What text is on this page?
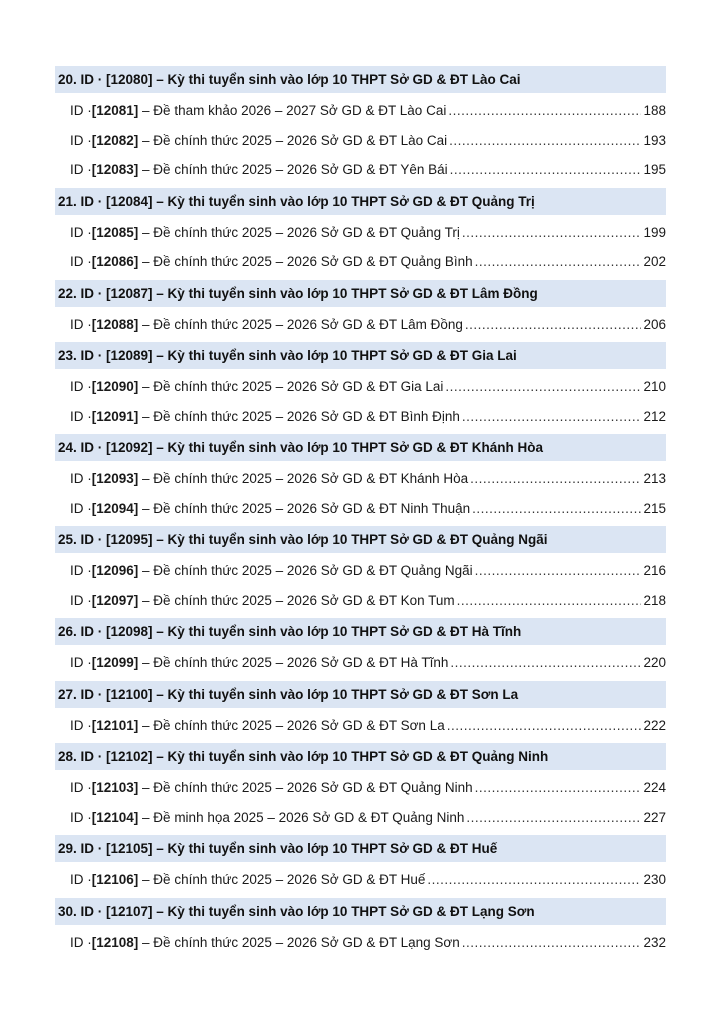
20. ID · [12080] – Kỳ thi tuyển sinh vào lớp 10 THPT Sở GD & ĐT Lào Cai
ID · [ 12081 ] – Đề tham khảo 2026 – 2027 Sở GD & ĐT Lào Cai .....	188
ID · [ 12082 ] – Đề chính thức 2025 – 2026 Sở GD & ĐT Lào Cai .....	193
ID · [ 12083 ] – Đề chính thức 2025 – 2026 Sở GD & ĐT Yên Bái .....	195
21. ID · [12084] – Kỳ thi tuyển sinh vào lớp 10 THPT Sở GD & ĐT Quảng Trị
ID · [ 12085 ] – Đề chính thức 2025 – 2026 Sở GD & ĐT Quảng Trị .....	199
ID · [ 12086 ] – Đề chính thức 2025 – 2026 Sở GD & ĐT Quảng Bình .....	202
22. ID · [12087] – Kỳ thi tuyển sinh vào lớp 10 THPT Sở GD & ĐT Lâm Đồng
ID · [ 12088 ] – Đề chính thức 2025 – 2026 Sở GD & ĐT Lâm Đồng .....	206
23. ID · [12089] – Kỳ thi tuyển sinh vào lớp 10 THPT Sở GD & ĐT Gia Lai
ID · [ 12090 ] – Đề chính thức 2025 – 2026 Sở GD & ĐT Gia Lai .....	210
ID · [ 12091 ] – Đề chính thức 2025 – 2026 Sở GD & ĐT Bình Định .....	212
24. ID · [12092] – Kỳ thi tuyển sinh vào lớp 10 THPT Sở GD & ĐT Khánh Hòa
ID · [ 12093 ] – Đề chính thức 2025 – 2026 Sở GD & ĐT Khánh Hòa .....	213
ID · [ 12094 ] – Đề chính thức 2025 – 2026 Sở GD & ĐT Ninh Thuận .....	215
25. ID · [12095] – Kỳ thi tuyển sinh vào lớp 10 THPT Sở GD & ĐT Quảng Ngãi
ID · [ 12096 ] – Đề chính thức 2025 – 2026 Sở GD & ĐT Quảng Ngãi .....	216
ID · [ 12097 ] – Đề chính thức 2025 – 2026 Sở GD & ĐT Kon Tum .....	218
26. ID · [12098] – Kỳ thi tuyển sinh vào lớp 10 THPT Sở GD & ĐT Hà Tĩnh
ID · [ 12099 ] – Đề chính thức 2025 – 2026 Sở GD & ĐT Hà Tĩnh .....	220
27. ID · [12100] – Kỳ thi tuyển sinh vào lớp 10 THPT Sở GD & ĐT Sơn La
ID · [ 12101 ] – Đề chính thức 2025 – 2026 Sở GD & ĐT Sơn La .....	222
28. ID · [12102] – Kỳ thi tuyển sinh vào lớp 10 THPT Sở GD & ĐT Quảng Ninh
ID · [ 12103 ] – Đề chính thức 2025 – 2026 Sở GD & ĐT Quảng Ninh .....	224
ID · [ 12104 ] – Đề minh họa 2025 – 2026 Sở GD & ĐT Quảng Ninh .....	227
29. ID · [12105] – Kỳ thi tuyển sinh vào lớp 10 THPT Sở GD & ĐT Huế
ID · [ 12106 ] – Đề chính thức 2025 – 2026 Sở GD & ĐT Huế .....	230
30. ID · [12107] – Kỳ thi tuyển sinh vào lớp 10 THPT Sở GD & ĐT Lạng Sơn
ID · [ 12108 ] – Đề chính thức 2025 – 2026 Sở GD & ĐT Lạng Sơn .....	232
